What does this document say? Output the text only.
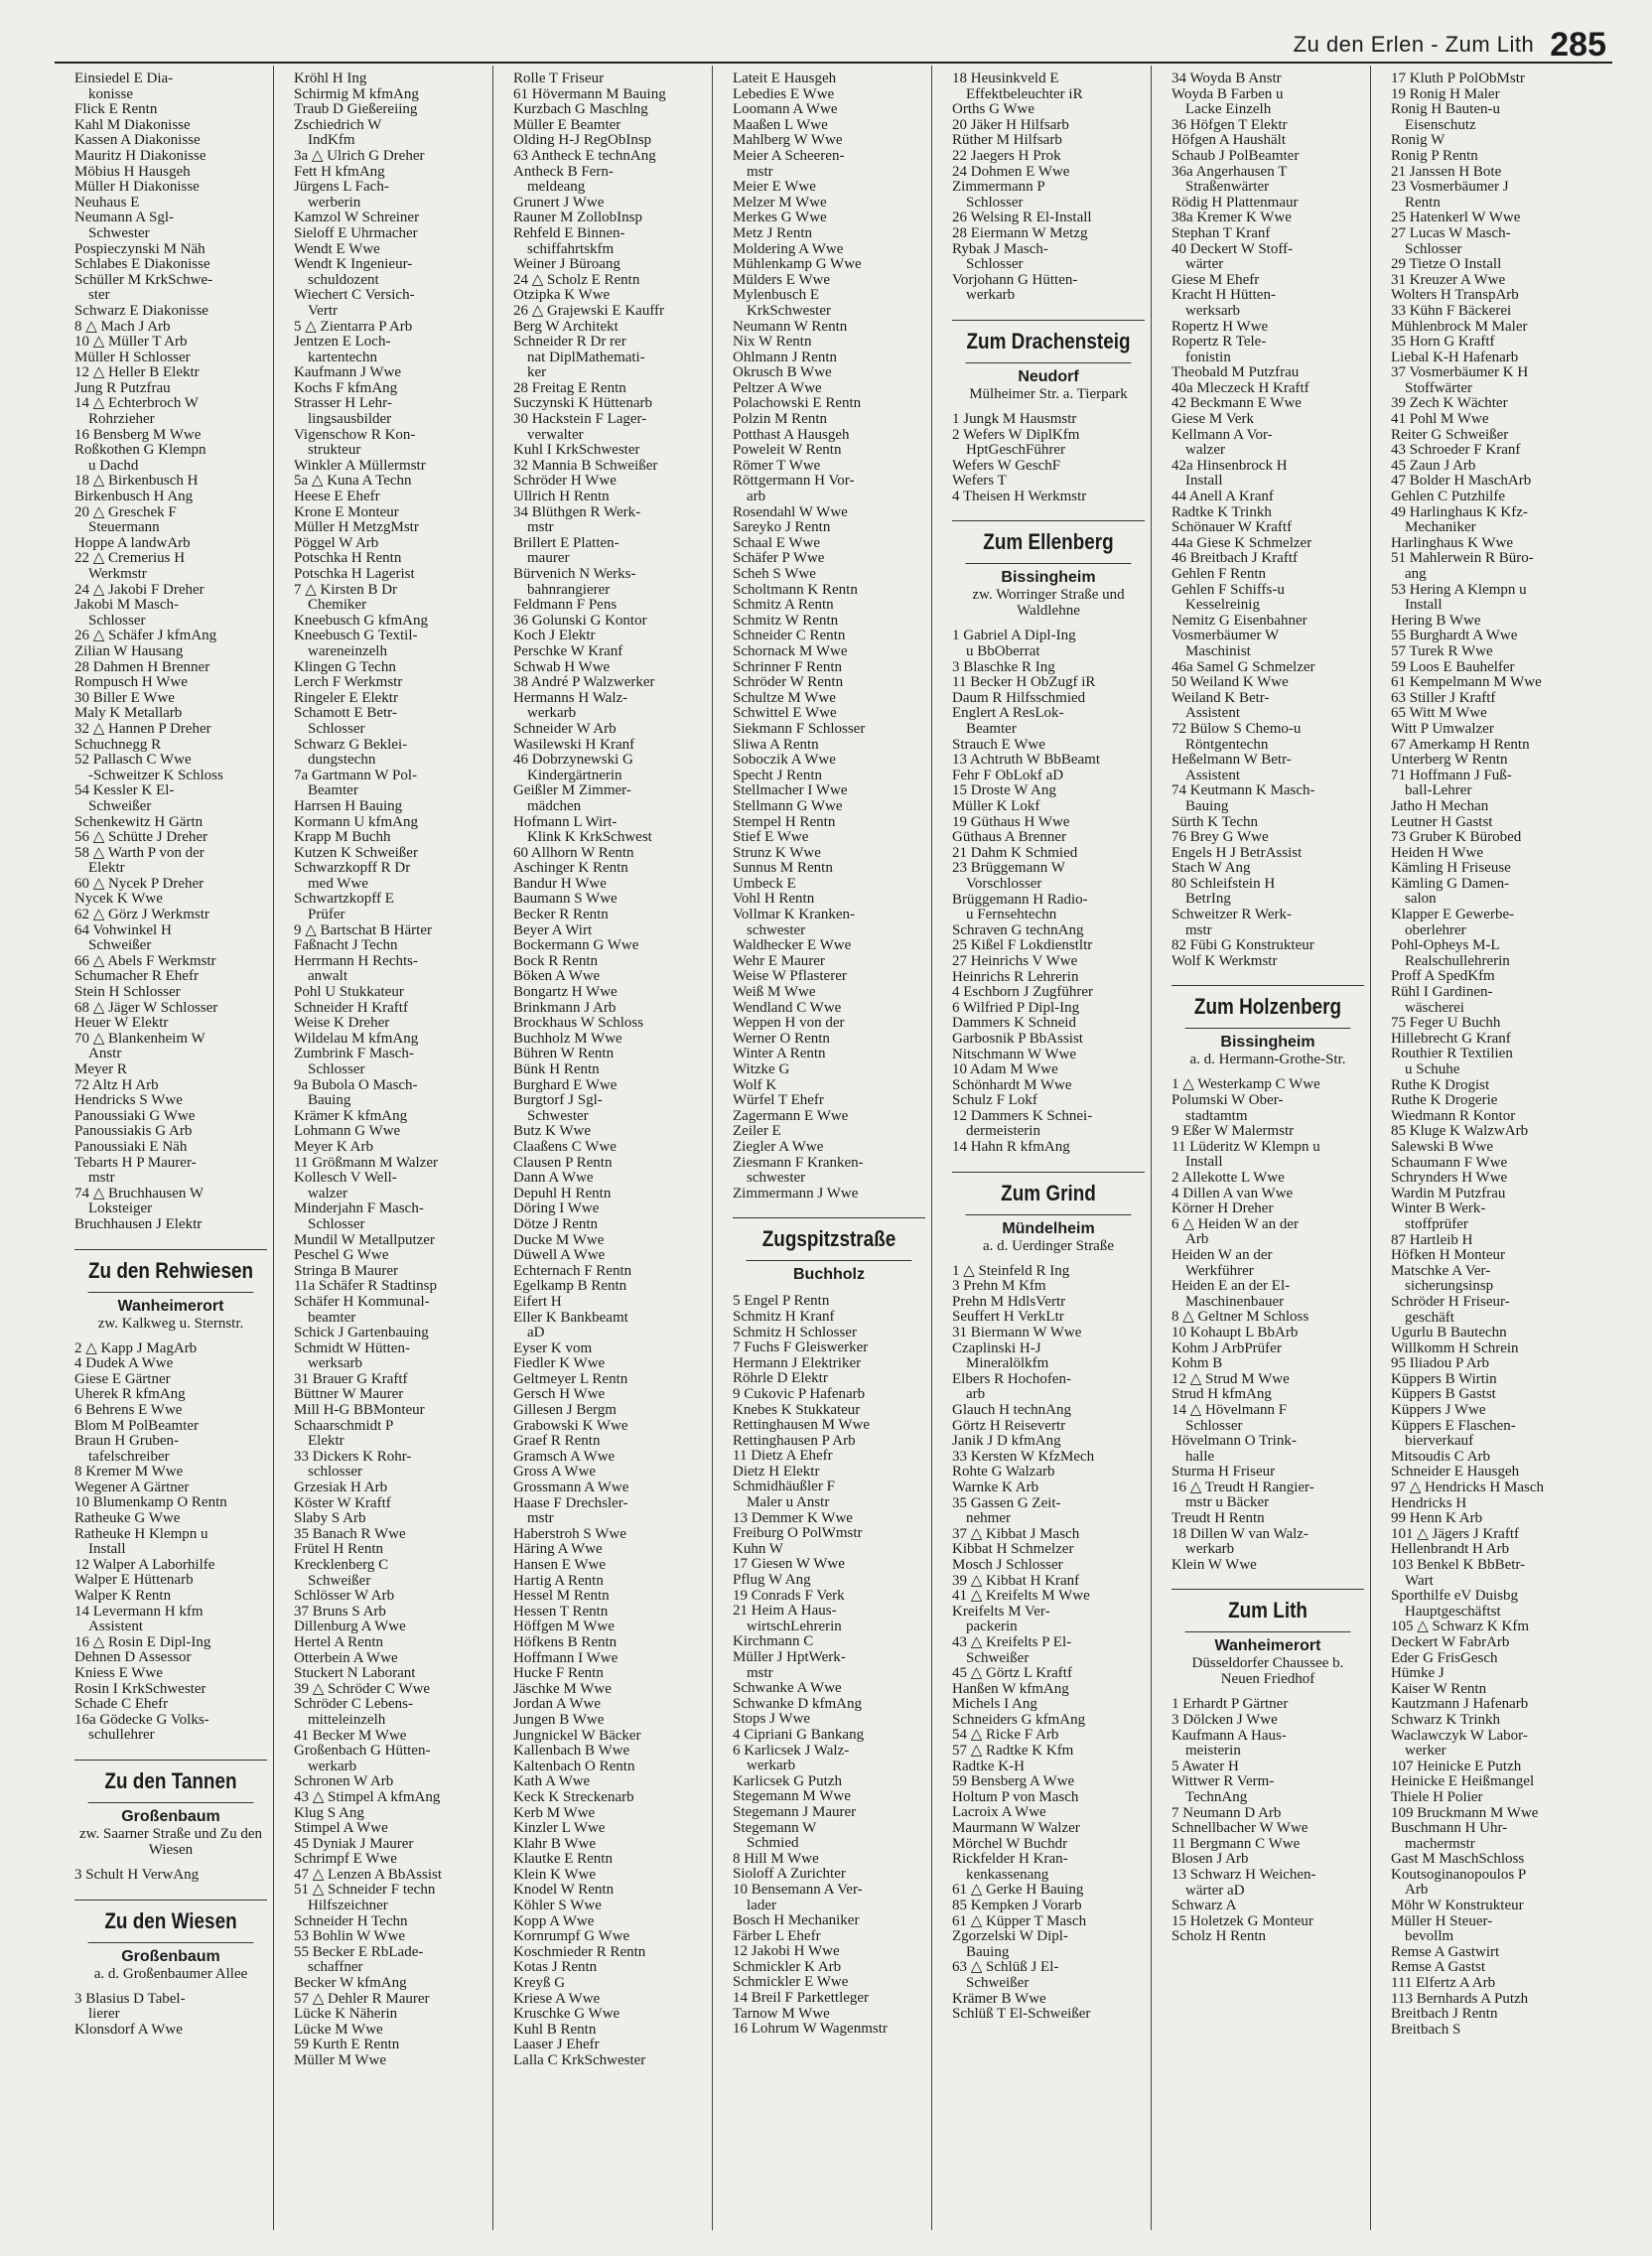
Zu den Erlen - Zum Lith 285
Einsiedel E Dia-
konisse
Flick E Rentn
Kahl M Diakonisse
Kassen A Diakonisse
Mauritz H Diakonisse
Möbius H Hausgeh
Müller H Diakonisse
Neuhaus E
Neumann A Sgl-
Schwester
Pospieczynski M Näh
Schlabes E Diakonisse
Schüller M KrkSchwe-
ster
Schwarz E Diakonisse
8 △ Mach J Arb
10 △ Müller T Arb
Müller H Schlosser
12 △ Heller B Elektr
Jung R Putzfrau
14 △ Echterbroch W
Rohrzieher
16 Bensberg M Wwe
Roßkothen G Klempn
u Dachd
18 △ Birkenbusch H
Birkenbusch H Ang
20 △ Greschek F
Steuermann
Hoppe A landwArb
22 △ Cremerius H
Werkmstr
24 △ Jakobi F Dreher
Jakobi M Masch-
Schlosser
26 △ Schäfer J kfmAng
Zilian W Hausang
28 Dahmen H Brenner
Rompusch H Wwe
30 Biller E Wwe
Maly K Metallarb
32 △ Hannen P Dreher
Schuchnegg R
52 Pallasch C Wwe
-Schweitzer K Schloss
54 Kessler K El-
Schweißer
Schenkewitz H Gärtn
56 △ Schütte J Dreher
58 △ Warth P von der
Elektr
60 △ Nycek P Dreher
Nycek K Wwe
62 △ Görz J Werkmstr
64 Vohwinkel H
Schweißer
66 △ Abels F Werkmstr
Schumacher R Ehefr
Stein H Schlosser
68 △ Jäger W Schlosser
Heuer W Elektr
70 △ Blankenheim W
Anstr
Meyer R
72 Altz H Arb
Hendricks S Wwe
Panoussiaki G Wwe
Panoussiakis G Arb
Panoussiaki E Näh
Tebarts H P Maurer-
mstr
74 △ Bruchhausen W
Loksteiger
Bruchhausen J Elektr
Zu den Rehwiesen
Wanheimerort
zw. Kalkweg u. Sternstr.
2 △ Kapp J MagArb
4 Dudek A Wwe
Giese E Gärtner
Uherek R kfmAng
6 Behrens E Wwe
Blom M PolBeamter
Braun H Gruben-
tafelschreiber
8 Kremer M Wwe
Wegener A Gärtner
10 Blumenkamp O Rentn
Ratheuke G Wwe
Ratheuke H Klempn u
Install
12 Walper A Laborhilfe
Walper E Hüttenarb
Walper K Rentn
14 Levermann H kfm
Assistent
16 △ Rosin E Dipl-Ing
Dehnen D Assessor
Kniess E Wwe
Rosin I KrkSchwester
Schade C Ehefr
16a Gödecke G Volks-
schullehrer
Zu den Tannen
Großenbaum
zw. Saarner Straße und Zu den Wiesen
3 Schult H VerwAng
Zu den Wiesen
Großenbaum
a. d. Großenbaumer Allee
3 Blasius D Tabel-
lierer
Klonsdorf A Wwe
Kröhl H Ing
Schirmig M kfmAng
Traub D Gießereiing
Zschiedrich W
IndKfm
3a △ Ulrich G Dreher
Fett H kfmAng
Jürgens L Fach-
werberin
Kamzol W Schreiner
Sieloff E Uhrmacher
Wendt E Wwe
Wendt K Ingenieur-
schuldozent
Wiechert C Versich-
Vertr
5 △ Zientarra P Arb
Jentzen E Loch-
kartentechn
Kaufmann J Wwe
Kochs F kfmAng
Strasser H Lehr-
lingsausbilder
Vigenschow R Kon-
strukteur
Winkler A Müllermstr
5a △ Kuna A Techn
Heese E Ehefr
Krone E Monteur
Müller H MetzgMstr
Pöggel W Arb
Potschka H Rentn
Potschka H Lagerist
7 △ Kirsten B Dr
Chemiker
Kneebusch G kfmAng
Kneebusch G Textil-
wareneinzelh
Klingen G Techn
Lerch F Werkmstr
Ringeler E Elektr
Schamott E Betr-
Schlosser
Schwarz G Beklei-
dungstechn
7a Gartmann W Pol-
Beamter
Harrsen H Bauing
Kormann U kfmAng
Krapp M Buchh
Kutzen K Schweißer
Schwarzkopff R Dr
med Wwe
Schwartzkopff E
Prüfer
9 △ Bartschat B Härter
Faßnacht J Techn
Herrmann H Rechts-
anwalt
Pohl U Stukkateur
Schneider H Kraftf
Weise K Dreher
Wildelau M kfmAng
Zumbrink F Masch-
Schlosser
9a Bubola O Masch-
Bauing
Krämer K kfmAng
Lohmann G Wwe
Meyer K Arb
11 Größmann M Walzer
Kollesch V Well-
walzer
Minderjahn F Masch-
Schlosser
Mundil W Metallputzer
Peschel G Wwe
Stringa B Maurer
11a Schäfer R Stadtinsp
Schäfer H Kommunal-
beamter
Schick J Gartenbauing
Schmidt W Hütten-
werksarb
31 Brauer G Kraftf
Büttner W Maurer
Mill H-G BBMonteur
Schaarschmidt P
Elektr
33 Dickers K Rohr-
schlosser
Grzesiak H Arb
Köster W Kraftf
Slaby S Arb
35 Banach R Wwe
Frütel H Rentn
Krecklenberg C
Schweißer
Schlösser W Arb
37 Bruns S Arb
Dillenburg A Wwe
Hertel A Rentn
Otterbein A Wwe
Stuckert N Laborant
39 △ Schröder C Wwe
Schröder C Lebens-
mitteleinzelh
41 Becker M Wwe
Großenbach G Hütten-
werkarb
Schronen W Arb
43 △ Stimpel A kfmAng
Klug S Ang
Stimpel A Wwe
45 Dyniak J Maurer
Schrimpf E Wwe
47 △ Lenzen A BbAssist
51 △ Schneider F techn
Hilfszeichner
Schneider H Techn
53 Bohlin W Wwe
55 Becker E RbLade-
schaffner
Becker W kfmAng
57 △ Dehler R Maurer
Lücke K Näherin
Lücke M Wwe
59 Kurth E Rentn
Müller M Wwe
Rolle T Friseur
61 Hövermann M Bauing
Kurzbach G Maschlng
Müller E Beamter
Olding H-J RegObInsp
63 Antheck E technAng
Antheck B Fern-
meldeang
Grunert J Wwe
Rauner M ZollobInsp
Rehfeld E Binnen-
schiffahrtskfm
Weiner J Büroang
24 △ Scholz E Rentn
Otzipka K Wwe
26 △ Grajewski E Kauffr
Berg W Architekt
Schneider R Dr rer
nat DiplMathemati-
ker
28 Freitag E Rentn
Suczynski K Hüttenarb
30 Hackstein F Lager-
verwalter
Kuhl I KrkSchwester
32 Mannia B Schweißer
Schröder H Wwe
Ullrich H Rentn
34 Blüthgen R Werk-
mstr
Brillert E Platten-
maurer
Bürvenich N Werks-
bahnrangierer
Feldmann F Pens
36 Golunski G Kontor
Koch J Elektr
Perschke W Kranf
Schwab H Wwe
38 André P Walzwerker
Hermanns H Walz-
werkarb
Schneider W Arb
Wasilewski H Kranf
46 Dobrzynewski G
Kindergärtnerin
Geißler M Zimmer-
mädchen
Hofmann L Wirt-
Klink K KrkSchwest
60 Allhorn W Rentn
Aschinger K Rentn
Bandur H Wwe
Baumann S Wwe
Becker R Rentn
Beyer A Wirt
Bockermann G Wwe
Bock R Rentn
Böken A Wwe
Bongartz H Wwe
Brinkmann J Arb
Brockhaus W Schloss
Buchholz M Wwe
Bühren W Rentn
Bünk H Rentn
Burghard E Wwe
Burgtorf J Sgl-
Schwester
Butz K Wwe
Claaßens C Wwe
Clausen P Rentn
Dann A Wwe
Depuhl H Rentn
Döring I Wwe
Dötze J Rentn
Ducke M Wwe
Düwell A Wwe
Echternach F Rentn
Egelkamp B Rentn
Eifert H
Eller K Bankbeamt
aD
Eyser K vom
Fiedler K Wwe
Geltmeyer L Rentn
Gersch H Wwe
Gillesen J Bergm
Grabowski K Wwe
Graef R Rentn
Gramsch A Wwe
Gross A Wwe
Grossmann A Wwe
Haase F Drechsler-
mstr
Haberstroh S Wwe
Häring A Wwe
Hansen E Wwe
Hartig A Rentn
Hessel M Rentn
Hessen T Rentn
Höffgen M Wwe
Höfkens B Rentn
Hoffmann I Wwe
Hucke F Rentn
Jäschke M Wwe
Jordan A Wwe
Jungen B Wwe
Jungnickel W Bäcker
Kallenbach B Wwe
Kaltenbach O Rentn
Kath A Wwe
Keck K Streckenarb
Kerb M Wwe
Kinzler L Wwe
Klahr B Wwe
Klautke E Rentn
Klein K Wwe
Knodel W Rentn
Köhler S Wwe
Kopp A Wwe
Kornrumpf G Wwe
Koschmieder R Rentn
Kotas J Rentn
Kreyß G
Kriese A Wwe
Kruschke G Wwe
Kuhl B Rentn
Laaser J Ehefr
Lalla C KrkSchwester
Lateit E Hausgeh
Lebedies E Wwe
Loomann A Wwe
Maaßen L Wwe
Mahlberg W Wwe
Meier A Scheeren-
mstr
Meier E Wwe
Melzer M Wwe
Merkes G Wwe
Metz J Rentn
Moldering A Wwe
Mühlenkamp G Wwe
Mülders E Wwe
Mylenbusch E
KrkSchwester
Neumann W Rentn
Nix W Rentn
Ohlmann J Rentn
Okrusch B Wwe
Peltzer A Wwe
Polachowski E Rentn
Polzin M Rentn
Potthast A Hausgeh
Poweleit W Rentn
Römer T Wwe
Röttgermann H Vor-
arb
Rosendahl W Wwe
Sareyko J Rentn
Schaal E Wwe
Schäfer P Wwe
Scheh S Wwe
Scholtmann K Rentn
Schmitz A Rentn
Schmitz W Rentn
Schneider C Rentn
Schornack M Wwe
Schrinner F Rentn
Schröder W Rentn
Schultze M Wwe
Schwittel E Wwe
Siekmann F Schlosser
Sliwa A Rentn
Soboczik A Wwe
Specht J Rentn
Stellmacher I Wwe
Stellmann G Wwe
Stempel H Rentn
Stief E Wwe
Strunz K Wwe
Sunnus M Rentn
Umbeck E
Vohl H Rentn
Vollmar K Kranken-
schwester
Waldhecker E Wwe
Wehr E Maurer
Weise W Pflasterer
Weiß M Wwe
Wendland C Wwe
Weppen H von der
Werner O Rentn
Winter A Rentn
Witzke G
Wolf K
Würfel T Ehefr
Zagermann E Wwe
Zeiler E
Ziegler A Wwe
Ziesmann F Kranken-
schwester
Zimmermann J Wwe
Zugspitzstraße
Buchholz
5 Engel P Rentn
Schmitz H Kranf
Schmitz H Schlosser
7 Fuchs F Gleiswerker
Hermann J Elektriker
Röhrle D Elektr
9 Cukovic P Hafenarb
Knebes K Stukkateur
Rettinghausen M Wwe
Rettinghausen P Arb
11 Dietz A Ehefr
Dietz H Elektr
Schmidhäußler F
Maler u Anstr
13 Demmer K Wwe
Freiburg O PolWmstr
Kuhn W
17 Giesen W Wwe
Pflug W Ang
19 Conrads F Verk
21 Heim A Haus-
wirtschLehrerin
Kirchmann C
Müller J HptWerk-
mstr
Schwanke A Wwe
Schwanke D kfmAng
Stops J Wwe
4 Cipriani G Bankang
6 Karlicsek J Walz-
werkarb
Karlicsek G Putzh
Stegemann M Wwe
Stegemann J Maurer
Stegemann W
Schmied
8 Hill M Wwe
Sioloff A Zurichter
10 Bensemann A Ver-
lader
Bosch H Mechaniker
Färber L Ehefr
12 Jakobi H Wwe
Schmickler K Arb
Schmickler E Wwe
14 Breil F Parkettleger
Tarnow M Wwe
16 Lohrum W Wagenmstr
18 Heusinkveld E
Effektbeleuchter iR
Orths G Wwe
20 Jäker H Hilfsarb
Rüther M Hilfsarb
22 Jaegers H Prok
24 Dohmen E Wwe
Zimmermann P
Schlosser
26 Welsing R El-Install
28 Eiermann W Metzg
Rybak J Masch-
Schlosser
Vorjohann G Hütten-
werkarb
Zum Drachensteig
Neudorf
Mülheimer Str. a. Tierpark
1 Jungk M Hausmstr
2 Wefers W DiplKfm
HptGeschFührer
Wefers W GeschF
Wefers T
4 Theisen H Werkmstr
Zum Ellenberg
Bissingheim
zw. Worringer Straße und Waldlehne
1 Gabriel A Dipl-Ing
u BbOberrat
3 Blaschke R Ing
11 Becker H ObZugf iR
Daum R Hilfsschmied
Englert A ResLok-
Beamter
Strauch E Wwe
13 Achtruth W BbBeamt
Fehr F ObLokf aD
15 Droste W Ang
Müller K Lokf
19 Güthaus H Wwe
Güthaus A Brenner
21 Dahm K Schmied
23 Brüggemann W
Vorschlosser
Brüggemann H Radio-
u Fernsehtechn
Schraven G technAng
25 Kißel F Lokdienstltr
27 Heinrichs V Wwe
Heinrichs R Lehrerin
4 Eschborn J Zugführer
6 Wilfried P Dipl-Ing
Dammers K Schneid
Garbosnik P BbAssist
Nitschmann W Wwe
10 Adam M Wwe
Schönhardt M Wwe
Schulz F Lokf
12 Dammers K Schnei-
dermeisterin
14 Hahn R kfmAng
Zum Grind
Mündelheim
a. d. Uerdinger Straße
1 △ Steinfeld R Ing
3 Prehn M Kfm
Prehn M HdlsVertr
Seuffert H VerkLtr
31 Biermann W Wwe
Czaplinski H-J
Mineralölkfm
Elbers R Hochofen-
arb
Glauch H technAng
Görtz H Reisevertr
Janik J D kfmAng
33 Kersten W KfzMech
Rohte G Walzarb
Warnke K Arb
35 Gassen G Zeit-
nehmer
37 △ Kibbat J Masch
Kibbat H Schmelzer
Mosch J Schlosser
39 △ Kibbat H Kranf
41 △ Kreifelts M Wwe
Kreifelts M Ver-
packerin
43 △ Kreifelts P El-
Schweißer
45 △ Görtz L Kraftf
Hanßen W kfmAng
Michels I Ang
Schneiders G kfmAng
54 △ Ricke F Arb
57 △ Radtke K Kfm
Radtke K-H
59 Bensberg A Wwe
Holtum P von Masch
Lacroix A Wwe
Maurmann W Walzer
Mörchel W Buchdr
Rickfelder H Kran-
kenkassenang
61 △ Gerke H Bauing
85 Kempken J Vorarb
61 △ Küpper T Masch
Zgorzelski W Dipl-
Bauing
63 △ Schlüß J El-
Schweißer
Krämer B Wwe
Schlüß T El-Schweißer
34 Woyda B Anstr
Woyda B Farben u
Lacke Einzelh
36 Höfgen T Elektr
Höfgen A Haushält
Schaub J PolBeamter
36a Angerhausen T
Straßenwärter
Rödig H Plattenmaur
38a Kremer K Wwe
Stephan T Kranf
40 Deckert W Stoff-
wärter
Giese M Ehefr
Kracht H Hütten-
werksarb
Ropertz H Wwe
Ropertz R Tele-
fonistin
Theobald M Putzfrau
40a Mleczeck H Kraftf
42 Beckmann E Wwe
Giese M Verk
Kellmann A Vor-
walzer
42a Hinsenbrock H
Install
44 Anell A Kranf
Radtke K Trinkh
Schönauer W Kraftf
44a Giese K Schmelzer
46 Breitbach J Kraftf
Gehlen F Rentn
Gehlen F Schiffs-u
Kesselreinig
Nemitz G Eisenbahner
Vosmerbäumer W
Maschinist
46a Samel G Schmelzer
50 Weiland K Wwe
Weiland K Betr-
Assistent
72 Bülow S Chemo-u
Röntgentechn
Heßelmann W Betr-
Assistent
74 Keutmann K Masch-
Bauing
Sürth K Techn
76 Brey G Wwe
Engels H J BetrAssist
Stach W Ang
80 Schleifstein H
BetrIng
Schweitzer R Werk-
mstr
82 Fübi G Konstrukteur
Wolf K Werkmstr
Zum Holzenberg
Bissingheim
a. d. Hermann-Grothe-Str.
1 △ Westerkamp C Wwe
Polumski W Ober-
stadtamtm
9 Eßer W Malermstr
11 Lüderitz W Klempn u
Install
2 Allekotte L Wwe
4 Dillen A van Wwe
Körner H Dreher
6 △ Heiden W an der
Arb
Heiden W an der
Werkführer
Heiden E an der El-
Maschinenbauer
8 △ Geltner M Schloss
10 Kohaupt L BbArb
Kohm J ArbPrüfer
Kohm B
12 △ Strud M Wwe
Strud H kfmAng
14 △ Hövelmann F
Schlosser
Hövelmann O Trink-
halle
Sturma H Friseur
16 △ Treudt H Rangier-
mstr u Bäcker
Treudt H Rentn
18 Dillen W van Walz-
werkarb
Klein W Wwe
Zum Lith
Wanheimerort
Düsseldorfer Chaussee b. Neuen Friedhof
1 Erhardt P Gärtner
3 Dölcken J Wwe
Kaufmann A Haus-
meisterin
5 Awater H
Wittwer R Verm-
TechnAng
7 Neumann D Arb
Schnellbacher W Wwe
11 Bergmann C Wwe
Blosen J Arb
13 Schwarz H Weichen-
wärter aD
Schwarz A
15 Holetzek G Monteur
Scholz H Rentn
17 Kluth P PolObMstr
19 Ronig H Maler
Ronig H Bauten-u
Eisenschutz
Ronig W
Ronig P Rentn
21 Janssen H Bote
23 Vosmerbäumer J
Rentn
25 Hatenkerl W Wwe
27 Lucas W Masch-
Schlosser
29 Tietze O Install
31 Kreuzer A Wwe
Wolters H TranspArb
33 Kühn F Bäckerei
Mühlenbrock M Maler
35 Horn G Kraftf
Liebal K-H Hafenarb
37 Vosmerbäumer K H
Stoffwärter
39 Zech K Wächter
41 Pohl M Wwe
Reiter G Schweißer
43 Schroeder F Kranf
45 Zaun J Arb
47 Bolder H MaschArb
Gehlen C Putzhilfe
49 Harlinghaus K Kfz-
Mechaniker
Harlinghaus K Wwe
51 Mahlerwein R Büro-
ang
53 Hering A Klempn u
Install
Hering B Wwe
55 Burghardt A Wwe
57 Turek R Wwe
59 Loos E Bauhelfer
61 Kempelmann M Wwe
63 Stiller J Kraftf
65 Witt M Wwe
Witt P Umwalzer
67 Amerkamp H Rentn
Unterberg W Rentn
71 Hoffmann J Fuß-
ball-Lehrer
Jatho H Mechan
Leutner H Gastst
73 Gruber K Bürobed
Heiden H Wwe
Kämling H Friseuse
Kämling G Damen-
salon
Klapper E Gewerbe-
oberlehrer
Pohl-Opheys M-L
Realschullehrerin
Proff A SpedKfm
Rühl I Gardinen-
wäscherei
75 Feger U Buchh
Hillebrecht G Kranf
Routhier R Textilien
u Schuhe
Ruthe K Drogist
Ruthe K Drogerie
Wiedmann R Kontor
85 Kluge K WalzwArb
Salewski B Wwe
Schaumann F Wwe
Schrynders H Wwe
Wardin M Putzfrau
Winter B Werk-
stoffprüfer
87 Hartleib H
Höfken H Monteur
Matschke A Ver-
sicherungsinsp
Schröder H Friseur-
geschäft
Ugurlu B Bautechn
Willkomm H Schrein
95 Iliadou P Arb
Küppers B Wirtin
Küppers B Gastst
Küppers J Wwe
Küppers E Flaschen-
bierverkauf
Mitsoudis C Arb
Schneider E Hausgeh
97 △ Hendricks H Masch
Hendricks H
99 Henn K Arb
101 △ Jägers J Kraftf
Hellenbrandt H Arb
103 Benkel K BbBetr-
Wart
Sporthilfe eV Duisbg
Hauptgeschäftst
105 △ Schwarz K Kfm
Deckert W FabrArb
Eder G FrisGesch
Hümke J
Kaiser W Rentn
Kautzmann J Hafenarb
Schwarz K Trinkh
Waclawczyk W Labor-
werker
107 Heinicke E Putzh
Heinicke E Heißmangel
Thiele H Polier
109 Bruckmann M Wwe
Buschmann H Uhr-
machermstr
Gast M MaschSchloss
Koutsoginanopoulos P
Arb
Möhr W Konstrukteur
Müller H Steuer-
bevollm
Remse A Gastwirt
Remse A Gastst
111 Elfertz A Arb
113 Bernhards A Putzh
Breitbach J Rentn
Breitbach S
